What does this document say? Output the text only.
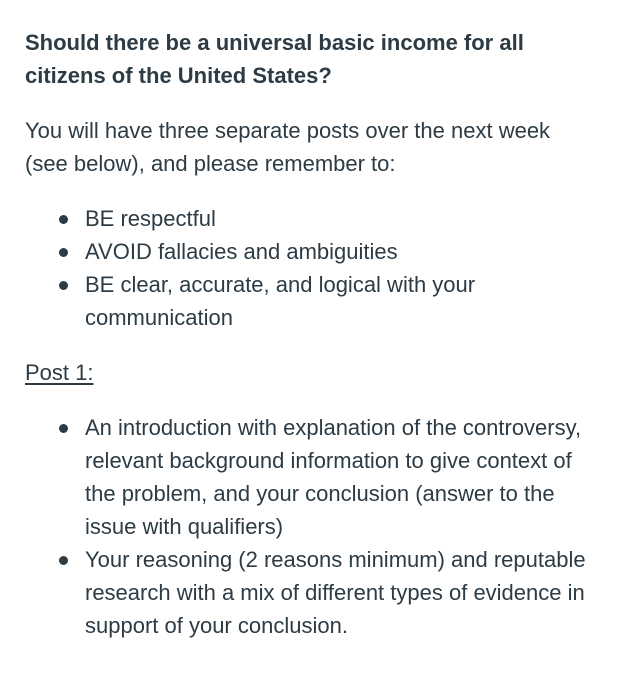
Should there be a universal basic income for all citizens of the United States?

You will have three separate posts over the next week (see below), and please remember to:

BE respectful
AVOID fallacies and ambiguities
BE clear, accurate, and logical with your communication

Post 1:

An introduction with explanation of the controversy, relevant background information to give context of the problem, and your conclusion (answer to the issue with qualifiers)
Your reasoning (2 reasons minimum) and reputable research with a mix of different types of evidence in support of your conclusion.
